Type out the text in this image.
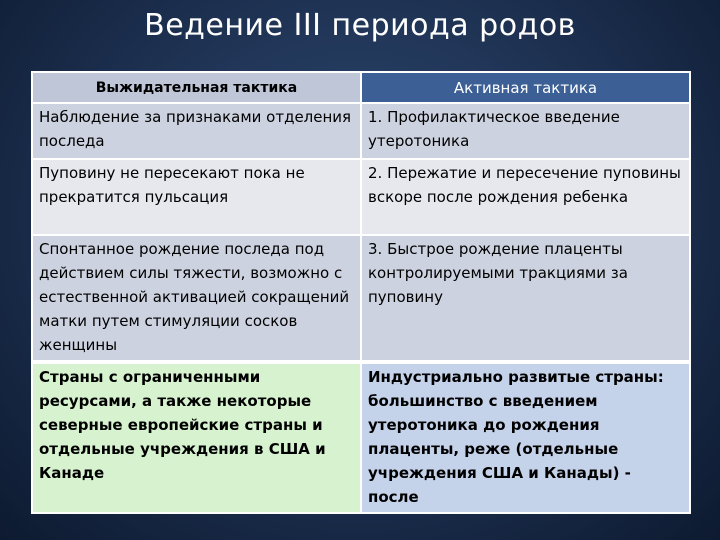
Ведение III периода родов
Выжидательная тактика	Активная тактика
Наблюдение за признаками отделения последа	1. Профилактическое введение утеротоника
Пуповину не пересекают пока не прекратится пульсация	2. Пережатие и пересечение пуповины вскоре после рождения ребенка
Спонтанное рождение последа под действием силы тяжести, возможно с естественной активацией сокращений матки путем стимуляции сосков женщины	3. Быстрое рождение плаценты контролируемыми тракциями за пуповину

Страны с ограниченными ресурсами, а также некоторые северные европейские страны и отдельные учреждения в США и Канаде	Индустриально развитые страны: большинство с введением утеротоника до рождения плаценты, реже (отдельные учреждения США и Канады) - после
